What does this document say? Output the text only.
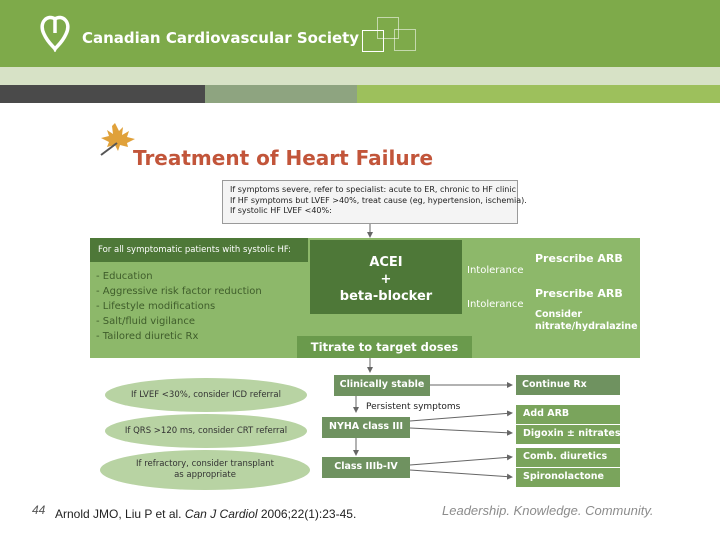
Canadian Cardiovascular Society
Treatment of Heart Failure
If symptoms severe, refer to specialist: acute to ER, chronic to HF clinic
If HF symptoms but LVEF >40%, treat cause (eg, hypertension, ischemia).
If systolic HF LVEF <40%:
For all symptomatic patients with systolic HF:
- Education
- Aggressive risk factor reduction
- Lifestyle modifications
- Salt/fluid vigilance
- Tailored diuretic Rx
ACEI
+
beta-blocker
Intolerance
Intolerance
Prescribe ARB
Prescribe ARB
Consider
nitrate/hydralazine
Titrate to target doses
If LVEF <30%, consider ICD referral
If QRS >120 ms, consider CRT referral
If refractory, consider transplant
as appropriate
Clinically stable
Persistent symptoms
NYHA class III
Class IIIb-IV
Continue Rx
Add ARB
Digoxin ± nitrates
Comb. diuretics
Spironolactone
44 Arnold JMO, Liu P et al. Can J Cardiol 2006;22(1):23-45.	Leadership. Knowledge. Community.
